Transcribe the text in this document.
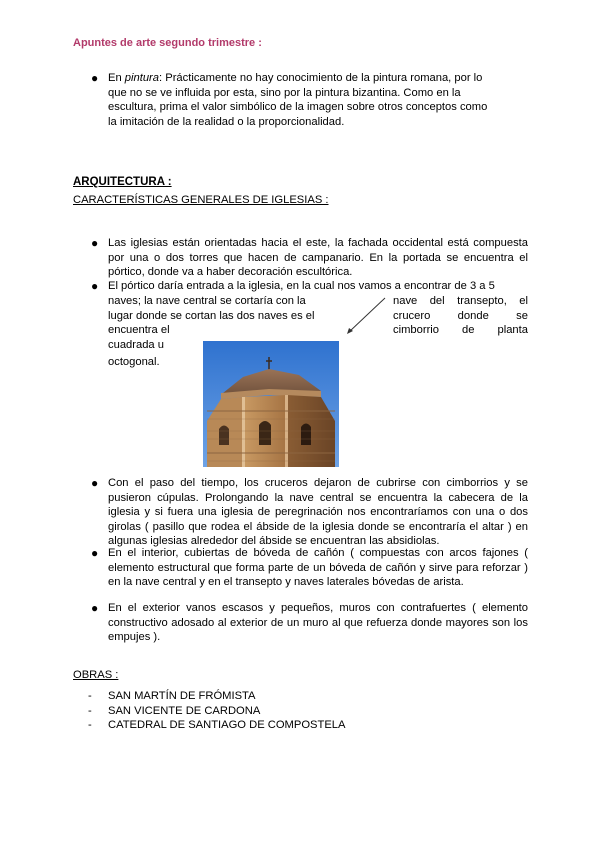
Apuntes de arte segundo trimestre :
● En pintura: Prácticamente no hay conocimiento de la pintura romana, por lo
que no se ve influida por esta, sino por la pintura bizantina. Como en la
escultura, prima el valor simbólico de la imagen sobre otros conceptos como
la imitación de la realidad o la proporcionalidad.
ARQUITECTURA :
CARACTERÍSTICAS GENERALES DE IGLESIAS :
● Las iglesias están orientadas hacia el este, la fachada occidental está compuesta por una o dos torres que hacen de campanario. En la portada se encuentra el pórtico, donde va a haber decoración escultórica.
● El pórtico daría entrada a la iglesia, en la cual nos vamos a encontrar de 3 a 5
naves; la nave central se cortaría con la
lugar donde se cortan las dos naves es el
encuentra el
cuadrada u
nave del transepto, el
crucero donde se
cimborrio de planta
octogonal.
● Con el paso del tiempo, los cruceros dejaron de cubrirse con cimborrios y se pusieron cúpulas. Prolongando la nave central se encuentra la cabecera de la iglesia y si fuera una iglesia de peregrinación nos encontraríamos con una o dos girolas ( pasillo que rodea el ábside de la iglesia donde se encontraría el altar ) en algunas iglesias alrededor del ábside se encuentran las absidiolas.
● En el interior, cubiertas de bóveda de cañón ( compuestas con arcos fajones ( elemento estructural que forma parte de un bóveda de cañón y sirve para reforzar ) en la nave central y en el transepto y naves laterales bóvedas de arista.
● En el exterior vanos escasos y pequeños, muros con contrafuertes ( elemento constructivo adosado al exterior de un muro al que refuerza donde mayores son los empujes ).
OBRAS :
- SAN MARTÍN DE FRÓMISTA
- SAN VICENTE DE CARDONA
- CATEDRAL DE SANTIAGO DE COMPOSTELA
